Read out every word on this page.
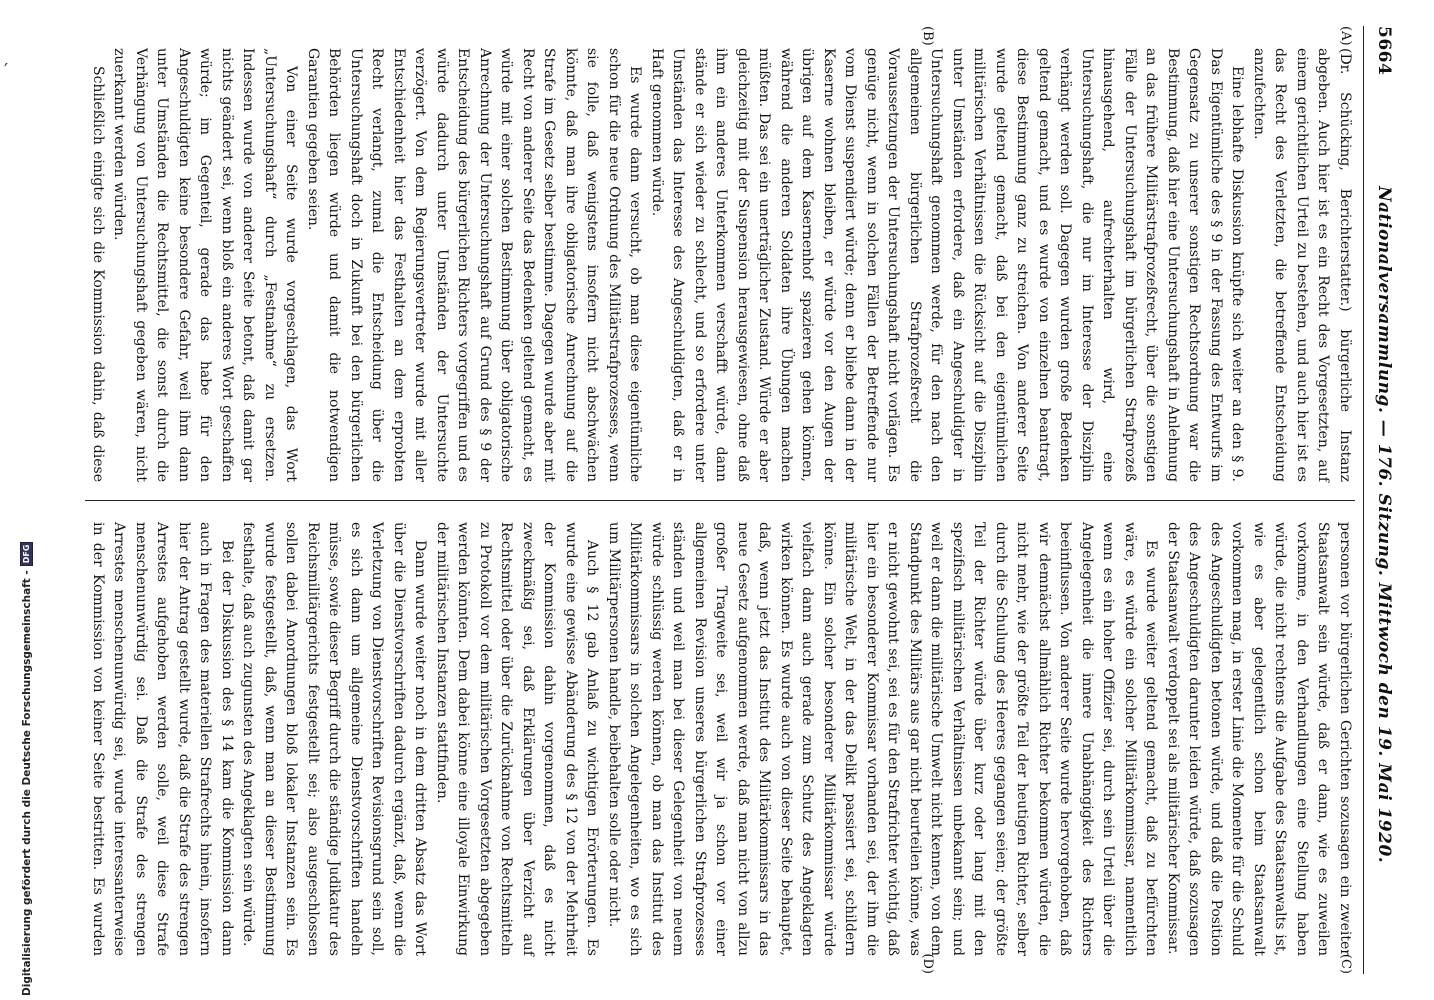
′
Digitalisierung gefördert durch die Deutsche Forschungsgemeinschaft -
DFG
5664
Nationalversammlung. — 176. Sitzung. Mittwoch den 19. Mai 1920.
(A)
(B)
(C)
(D)

(Dr. Schücking, Berichterstatter.) bürgerliche Instanz abgeben. Auch hier ist es ein Recht des Vorgesetzten, auf einem gerichtlichen Urteil zu bestehen, und auch hier ist es das Recht des Verletzten, die betreffende Entscheidung anzufechten.

Eine lebhafte Diskussion knüpfte sich weiter an den § 9. Das Eigentümliche des § 9 in der Fassung des Entwurfs im Gegensatz zu unserer sonstigen Rechtsordnung war die Bestimmung, daß hier eine Untersuchungshaft in Anlehnung an das frühere Militärstrafprozeßrecht, über die sonstigen Fälle der Untersuchungshaft im bürgerlichen Strafprozeß hinausgehend, aufrechterhalten wird, eine Untersuchungshaft, die nur im Interesse der Disziplin verhängt werden soll. Dagegen wurden große Bedenken geltend gemacht, und es wurde von einzelnen beantragt, diese Bestimmung ganz zu streichen. Von anderer Seite wurde geltend gemacht, daß bei den eigentümlichen militärischen Verhältnissen die Rücksicht auf die Disziplin unter Umständen erfordere, daß ein Angeschuldigter in Untersuchungshaft genommen werde, für den nach den allgemeinen bürgerlichen Strafprozeßrecht die Voraussetzungen der Untersuchungshaft nicht vorlägen. Es genüge nicht, wenn in solchen Fällen der Betreffende nur vom Dienst suspendiert würde; denn er bliebe dann in der Kaserne wohnen bleiben, er würde vor den Augen der übrigen auf dem Kasernenhof spazieren gehen können, während die anderen Soldaten ihre Übungen machen müßten. Das sei ein unerträglicher Zustand. Würde er aber gleichzeitig mit der Suspension herausgewiesen, ohne daß ihm ein anderes Unterkommen verschafft würde, dann stände er sich wieder zu schlecht, und so erfordere unter Umständen das Interesse des Angeschuldigten, daß er in Haft genommen würde.

Es wurde dann versucht, ob man diese eigentümliche schon für die neue Ordnung des Militärstrafprozesses, wenn sie folle, daß wenigstens insofern nicht abschwächen könnte, daß man ihre obligatorische Anrechnung auf die Strafe im Gesetz selber bestimme. Dagegen wurde aber mit Recht von anderer Seite das Bedenken geltend gemacht, es würde mit einer solchen Bestimmung über obligatorische Anrechnung der Untersuchungshaft auf Grund des § 9 der Entscheidung des bürgerlichen Richters vorgegriffen und es würde dadurch unter Umständen der Untersuchte verzögert. Von dem Regierungsvertreter wurde mit aller Entschiedenheit hier das Festhalten an dem erprobten Recht verlangt, zumal die Entscheidung über die Untersuchungshaft doch in Zukunft bei den bürgerlichen Behörden liegen würde und damit die notwendigen Garantien gegeben seien.

Von einer Seite wurde vorgeschlagen, das Wort „Untersuchungshaft“ durch „Festnahme“ zu ersetzen. Indessen wurde von anderer Seite betont, daß damit gar nichts geändert sei, wenn bloß ein anderes Wort geschaffen würde; im Gegenteil, gerade das habe für den Angeschuldigten keine besondere Gefahr, weil ihm dann unter Umständen die Rechtsmittel, die sonst durch die Verhängung von Untersuchungshaft gegeben wären, nicht zuerkannt werden würden.

Schließlich einigte sich die Kommission dahin, daß diese

personen vor bürgerlichen Gerichten sozusagen ein zweiter Staatsanwalt sein würde, daß er dann, wie es zuweilen vorkomme, in den Verhandlungen eine Stellung haben würde, die nicht rechtens die Aufgabe des Staatsanwalts ist, wie es aber gelegentlich schon beim Staatsanwalt vorkommen mag, in erster Linie die Momente für die Schuld des Angeschuldigten betonen würde, und daß die Position des Angeschuldigten darunter leiden würde, daß sozusagen der Staatsanwalt verdoppelt sei als militärischer Kommissar.

Es wurde weiter geltend gemacht, daß zu befürchten wäre, es würde ein solcher Militärkommissar, namentlich wenn es ein hoher Offizier sei, durch sein Urteil über die Angelegenheit die innere Unabhängigkeit des Richters beeinflussen. Von anderer Seite wurde hervorgehoben, daß wir demnächst allmählich Richter bekommen würden, die nicht mehr, wie der größte Teil der heutigen Richter, selber durch die Schulung des Heeres gegangen seien; der größte Teil der Richter würde über kurz oder lang mit den spezifisch militärischen Verhältnissen unbekannt sein; und weil er dann die militärische Umwelt nicht kennen, von dem Standpunkt des Militärs aus gar nicht beurteilen könne, was er nicht gewohnt sei, sei es für den Strafrichter wichtig, daß hier ein besonderer Kommissar vorhanden sei, der ihm die militärische Welt, in der das Delikt passiert sei, schildern könne. Ein solcher besonderer Militärkommissar würde vielfach dann auch gerade zum Schutz des Angeklagten wirken können. Es wurde auch von dieser Seite behauptet, daß, wenn jetzt das Institut des Militärkommissars in das neue Gesetz aufgenommen werde, daß man nicht von allzu großer Tragweite sei, weil wir ja schon vor einer allgemeinen Revision unseres bürgerlichen Strafprozesses ständen und weil man bei dieser Gelegenheit von neuem würde schlüssig werden können, ob man das Institut des Militärkommissars in solchen Angelegenheiten, wo es sich um Militärpersonen handle, beibehalten solle oder nicht.

Auch § 12 gab Anlaß zu wichtigen Erörterungen. Es wurde eine gewisse Abänderung des § 12 von der Mehrheit der Kommission dahin vorgenommen, daß es nicht zweckmäßig sei, daß Erklärungen über Verzicht auf Rechtsmittel oder über die Zurücknahme von Rechtsmitteln zu Protokoll vor dem militärischen Vorgesetzten abgegeben werden könnten. Dem dabei könne eine illoyale Einwirkung der militärischen Instanzen stattfinden.

Dann wurde weiter noch in dem dritten Absatz das Wort über die Dienstvorschriften dadurch ergänzt, daß, wenn die Verletzung von Dienstvorschriften Revisionsgrund sein soll, es sich dann um allgemeine Dienstvorschriften handeln müsse, sowie dieser Begriff durch die ständige Judikatur des Reichsmilitärgerichts festgestellt sei; also ausgeschlossen sollen dabei Anordnungen bloß lokaler Instanzen sein. Es wurde festgestellt, daß, wenn man an dieser Bestimmung festhalte, daß auch zugunsten des Angeklagten sein würde.

Bei der Diskussion des § 14 kam die Kommission dann auch in Fragen des materiellen Strafrechts hinein, insofern hier der Antrag gestellt wurde, daß die Strafe des strengen Arrestes aufgehoben werden solle, weil diese Strafe menschenunwürdig sei. Daß die Strafe des strengen Arrestes menschenunwürdig sei, wurde interessanterweise in der Kommission von keiner Seite bestritten. Es wurden
